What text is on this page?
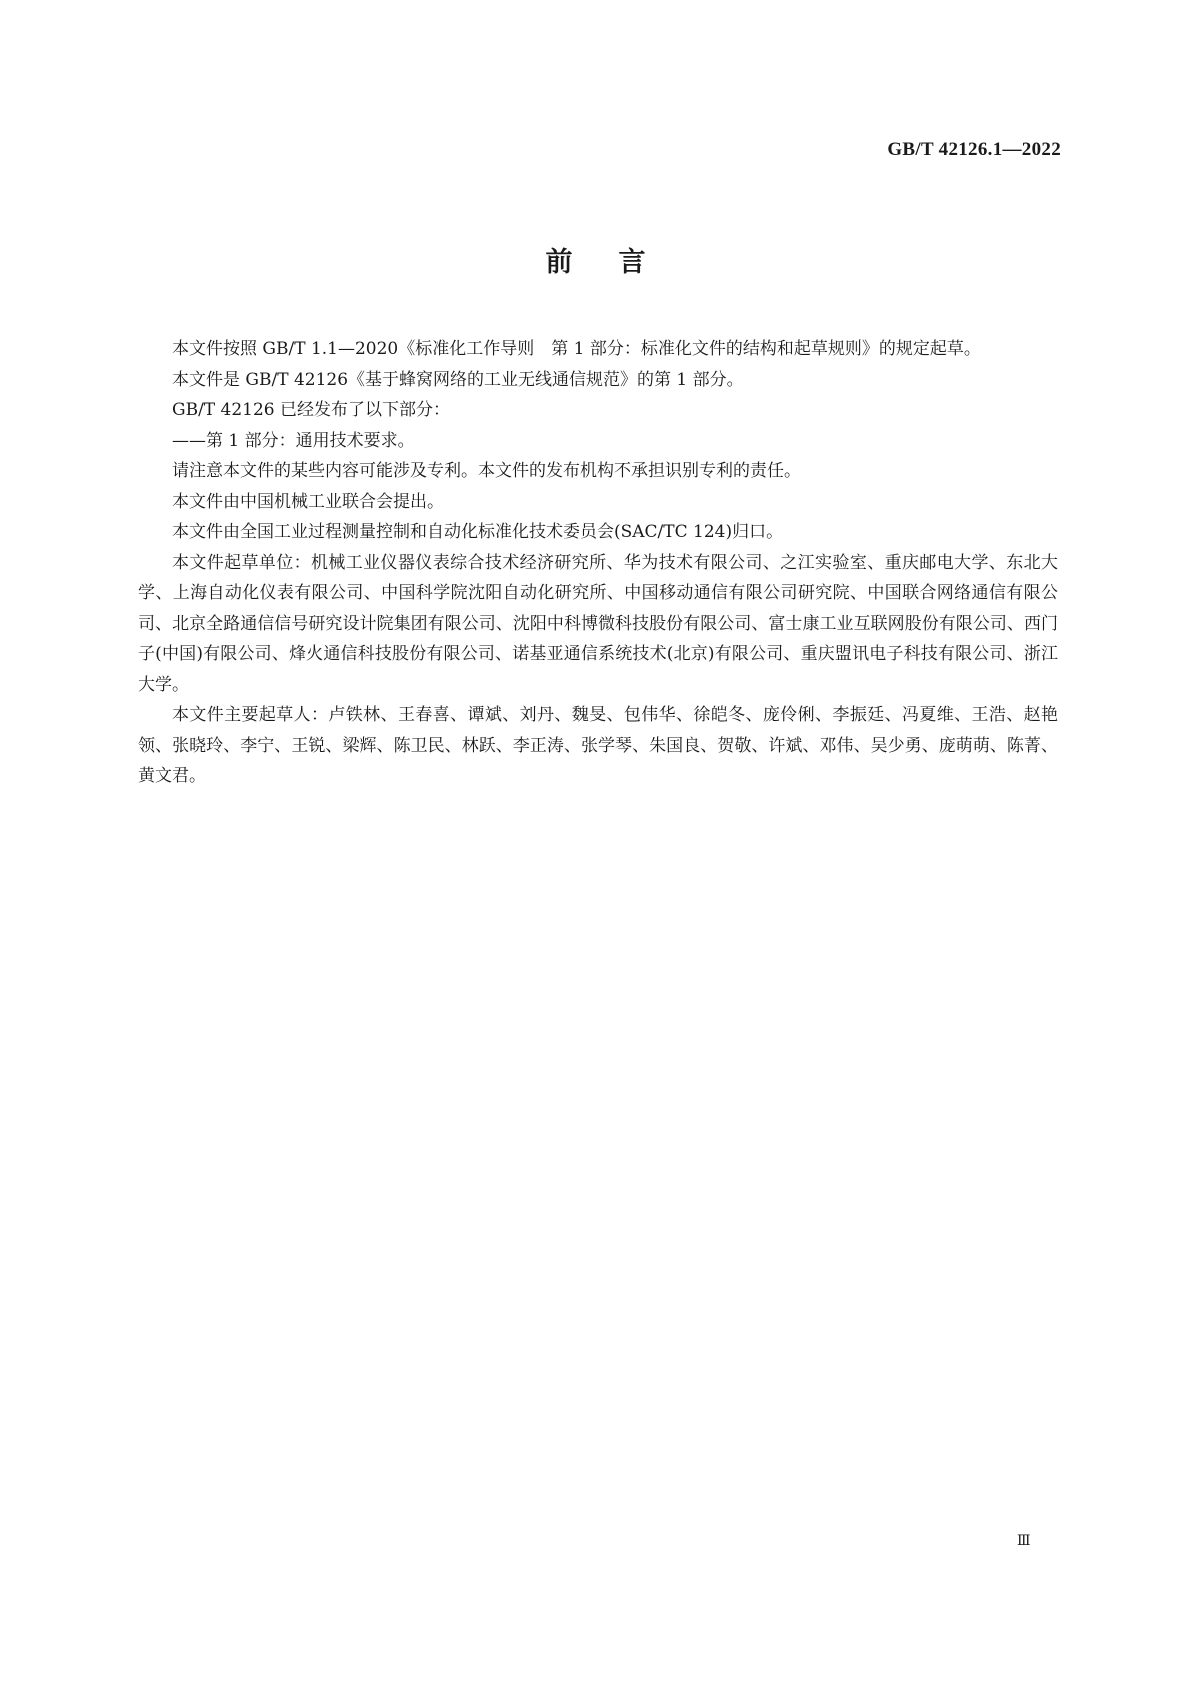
GB/T 42126.1—2022
前言

本文件按照 GB/T 1.1—2020《标准化工作导则　第 1 部分：标准化文件的结构和起草规则》的规定起草。

本文件是 GB/T 42126《基于蜂窝网络的工业无线通信规范》的第 1 部分。

GB/T 42126 已经发布了以下部分：

——第 1 部分：通用技术要求。

请注意本文件的某些内容可能涉及专利。本文件的发布机构不承担识别专利的责任。

本文件由中国机械工业联合会提出。

本文件由全国工业过程测量控制和自动化标准化技术委员会(SAC/TC 124)归口。

本文件起草单位：机械工业仪器仪表综合技术经济研究所、华为技术有限公司、之江实验室、重庆邮电大学、东北大学、上海自动化仪表有限公司、中国科学院沈阳自动化研究所、中国移动通信有限公司研究院、中国联合网络通信有限公司、北京全路通信信号研究设计院集团有限公司、沈阳中科博微科技股份有限公司、富士康工业互联网股份有限公司、西门子(中国)有限公司、烽火通信科技股份有限公司、诺基亚通信系统技术(北京)有限公司、重庆盟讯电子科技有限公司、浙江大学。

本文件主要起草人：卢铁林、王春喜、谭斌、刘丹、魏旻、包伟华、徐皑冬、庞伶俐、李振廷、冯夏维、王浩、赵艳领、张晓玲、李宁、王锐、梁辉、陈卫民、林跃、李正涛、张学琴、朱国良、贺敬、许斌、邓伟、吴少勇、庞萌萌、陈菁、黄文君。

Ⅲ
